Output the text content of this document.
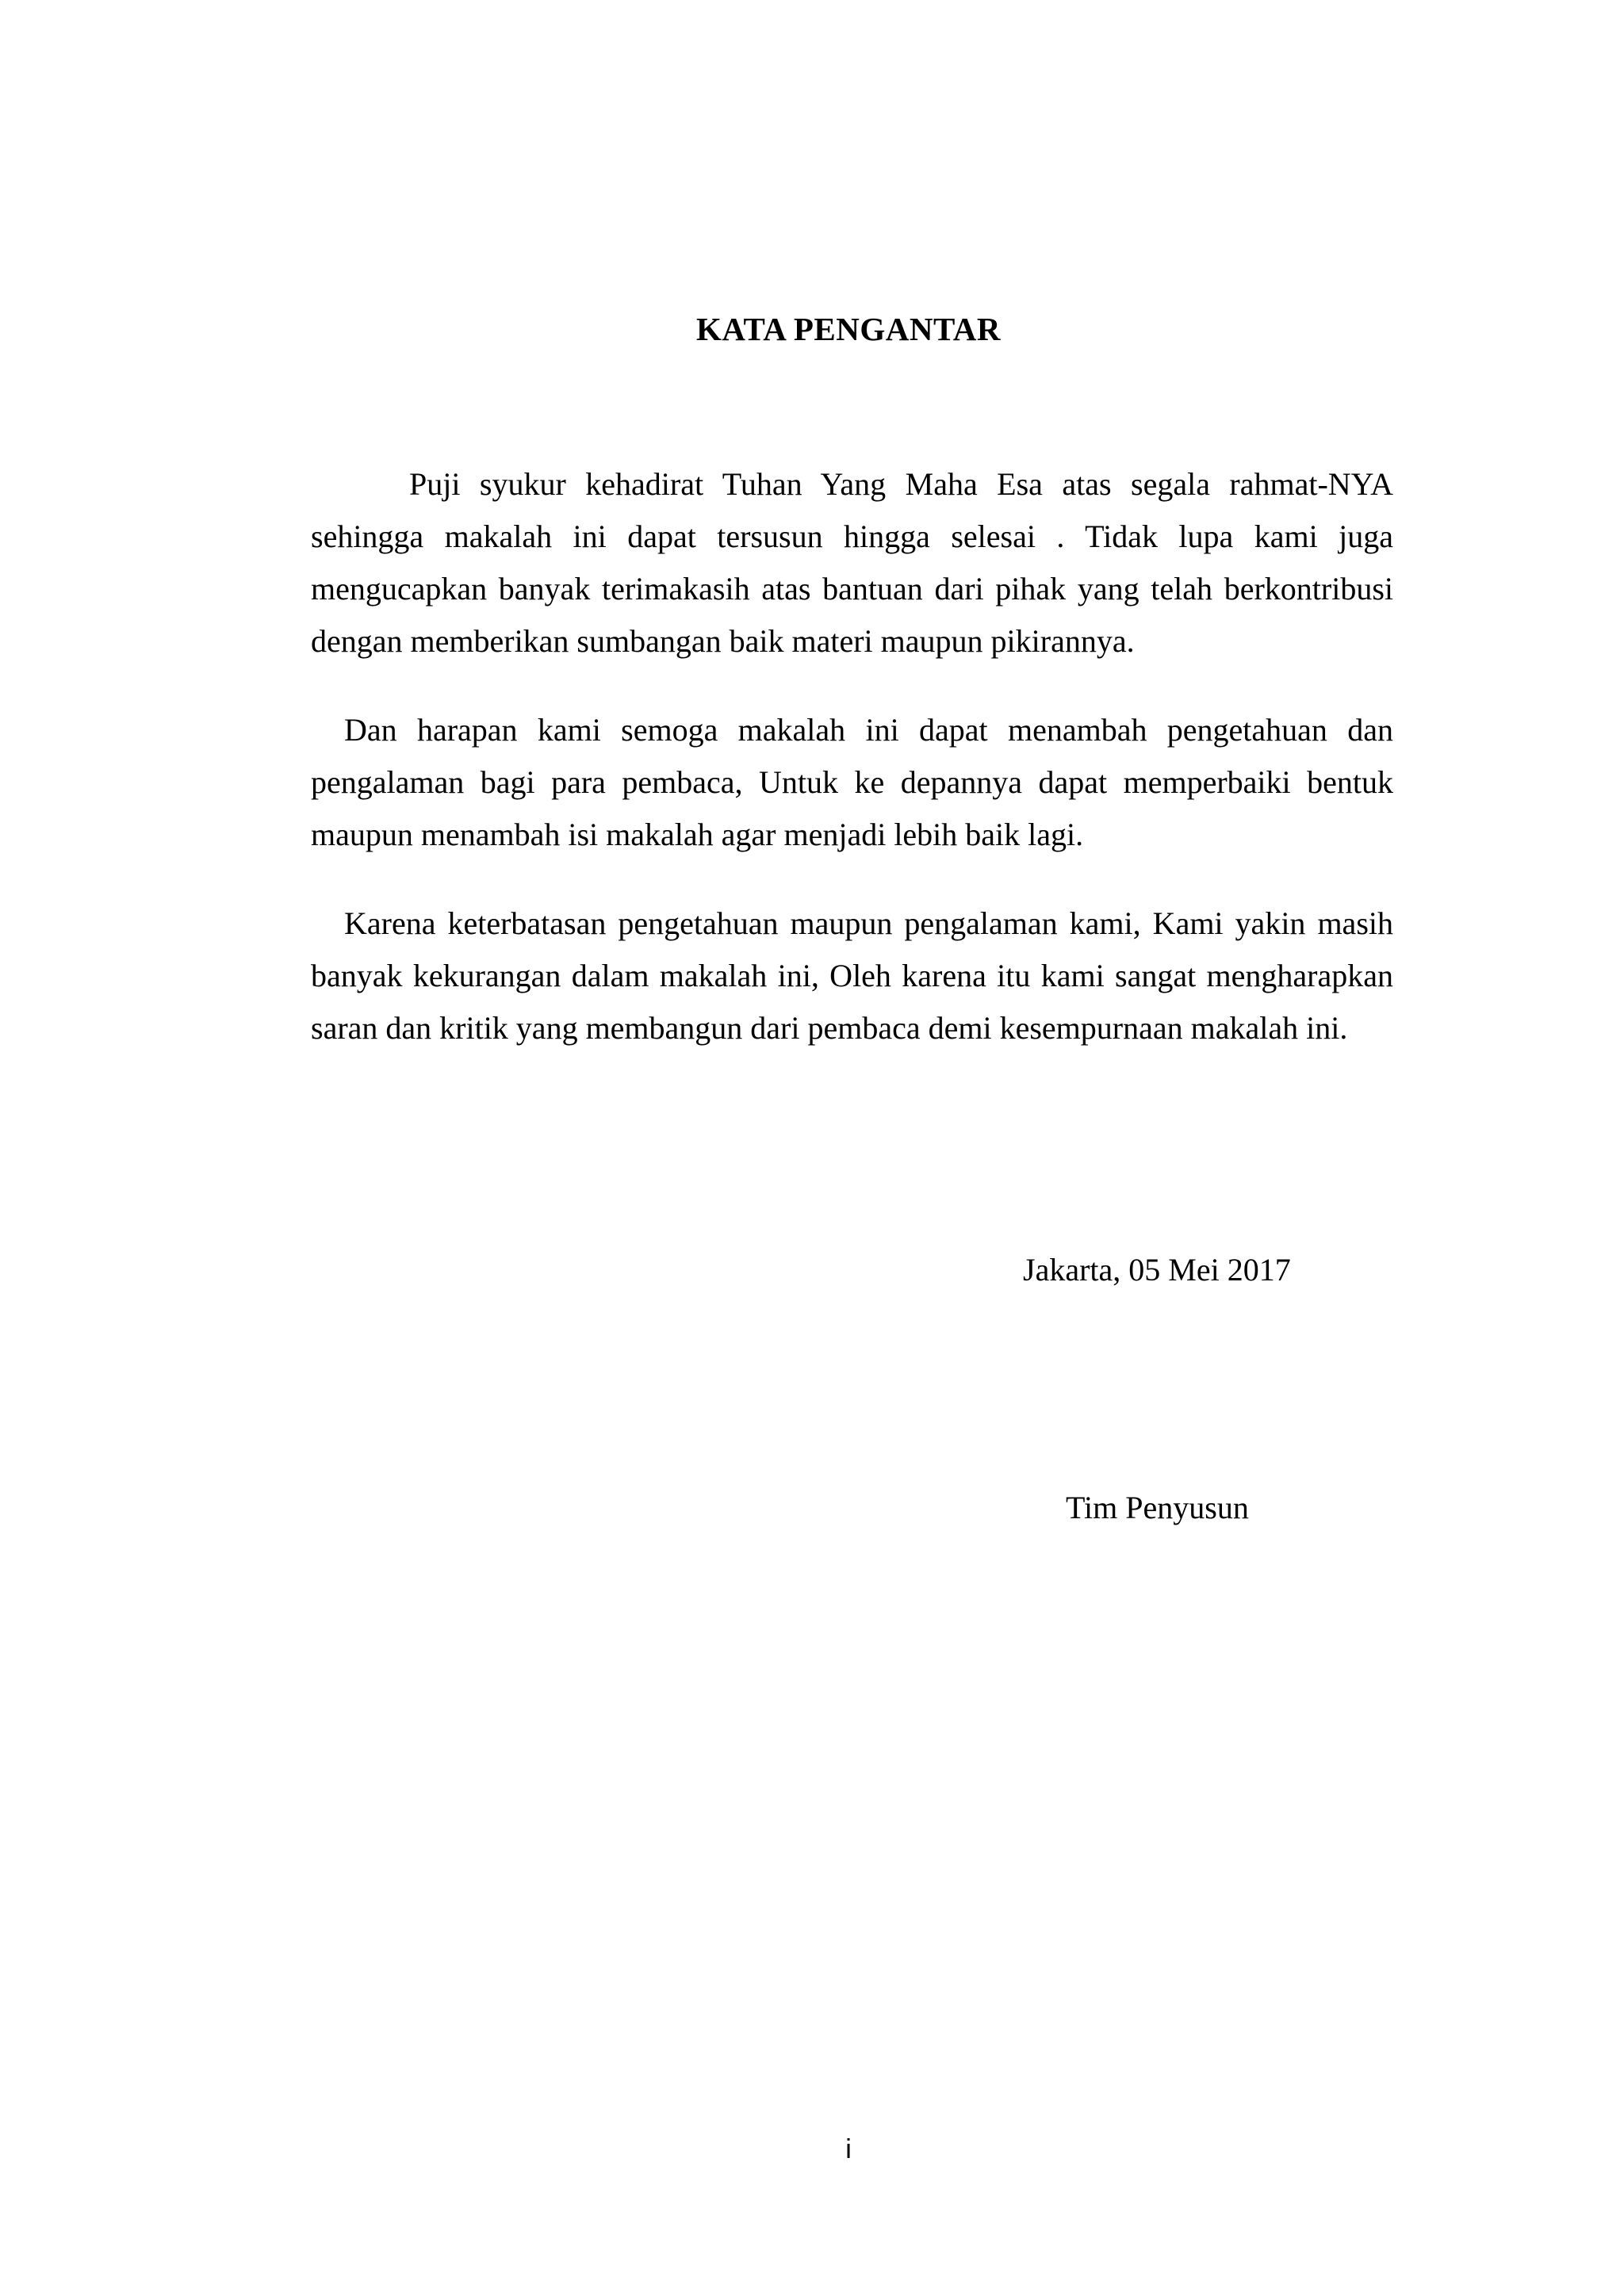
KATA PENGANTAR

Puji syukur kehadirat Tuhan Yang Maha Esa atas segala rahmat-NYA sehingga makalah ini dapat tersusun hingga selesai . Tidak lupa kami juga mengucapkan banyak terimakasih atas bantuan dari pihak yang telah berkontribusi dengan memberikan sumbangan baik materi maupun pikirannya.

Dan harapan kami semoga makalah ini dapat menambah pengetahuan dan pengalaman bagi para pembaca, Untuk ke depannya dapat memperbaiki bentuk maupun menambah isi makalah agar menjadi lebih baik lagi.

Karena keterbatasan pengetahuan maupun pengalaman kami, Kami yakin masih banyak kekurangan dalam makalah ini, Oleh karena itu kami sangat mengharapkan saran dan kritik yang membangun dari pembaca demi kesempurnaan makalah ini.

Jakarta, 05 Mei 2017
Tim Penyusun
i
